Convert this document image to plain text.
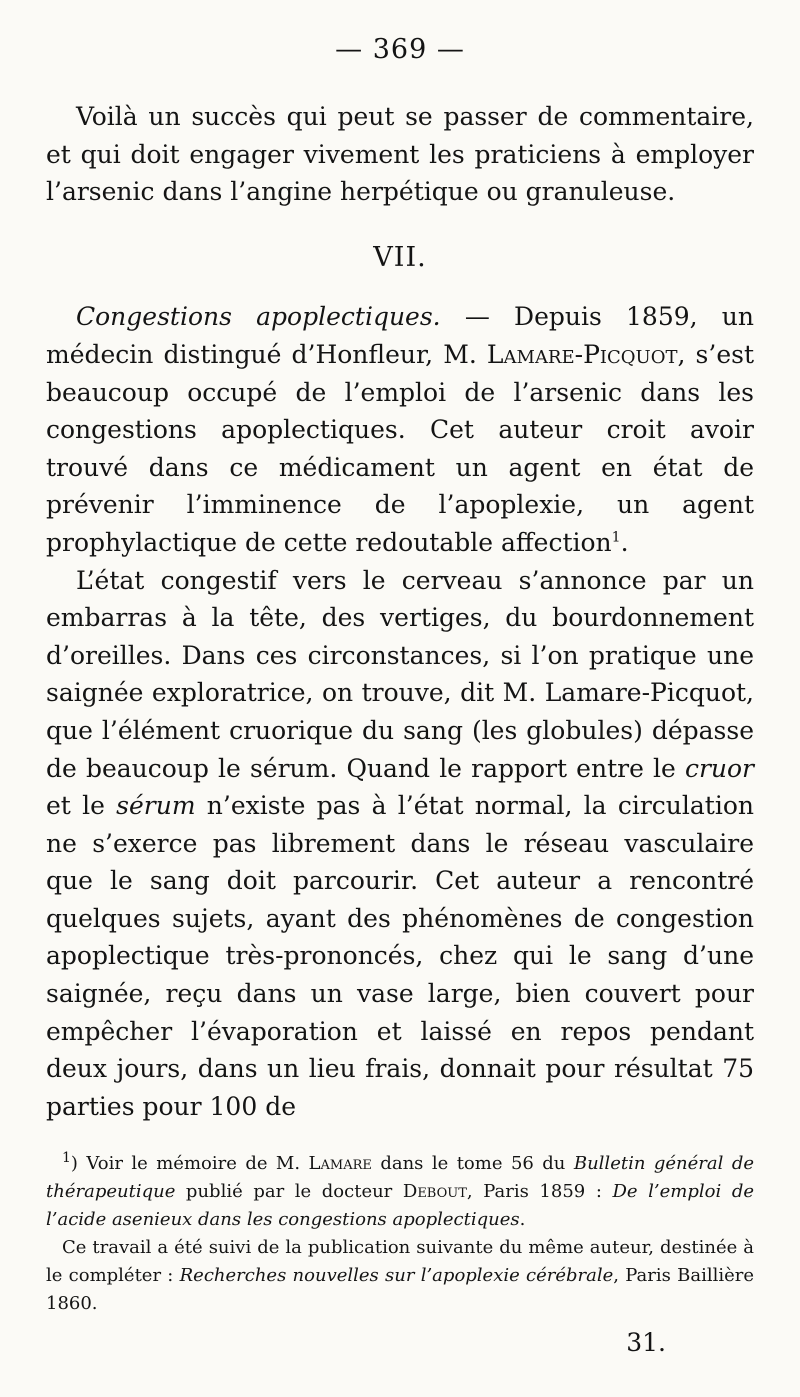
— 369 —

Voilà un succès qui peut se passer de commentaire, et qui doit engager vivement les praticiens à employer l’arsenic dans l’angine herpétique ou granuleuse.

VII.

Congestions apoplectiques. — Depuis 1859, un médecin distingué d’Honfleur, M. Lamare-Picquot, s’est beaucoup occupé de l’emploi de l’arsenic dans les congestions apoplectiques. Cet auteur croit avoir trouvé dans ce médicament un agent en état de prévenir l’imminence de l’apoplexie, un agent prophylactique de cette redoutable affection$^1$.

L’état congestif vers le cerveau s’annonce par un embarras à la tête, des vertiges, du bourdonnement d’oreilles. Dans ces circonstances, si l’on pratique une saignée exploratrice, on trouve, dit M. Lamare-Picquot, que l’élément cruorique du sang (les globules) dépasse de beaucoup le sérum. Quand le rapport entre le cruor et le sérum n’existe pas à l’état normal, la circulation ne s’exerce pas librement dans le réseau vasculaire que le sang doit parcourir. Cet auteur a rencontré quelques sujets, ayant des phénomènes de congestion apoplectique très-prononcés, chez qui le sang d’une saignée, reçu dans un vase large, bien couvert pour empêcher l’évaporation et laissé en repos pendant deux jours, dans un lieu frais, donnait pour résultat 75 parties pour 100 de

$^1$) Voir le mémoire de M. Lamare dans le tome 56 du Bulletin général de thérapeutique publié par le docteur Debout, Paris 1859 : De l’emploi de l’acide asenieux dans les congestions apoplectiques.

Ce travail a été suivi de la publication suivante du même auteur, destinée à le compléter : Recherches nouvelles sur l’apoplexie cérébrale, Paris Baillière 1860.

31.
